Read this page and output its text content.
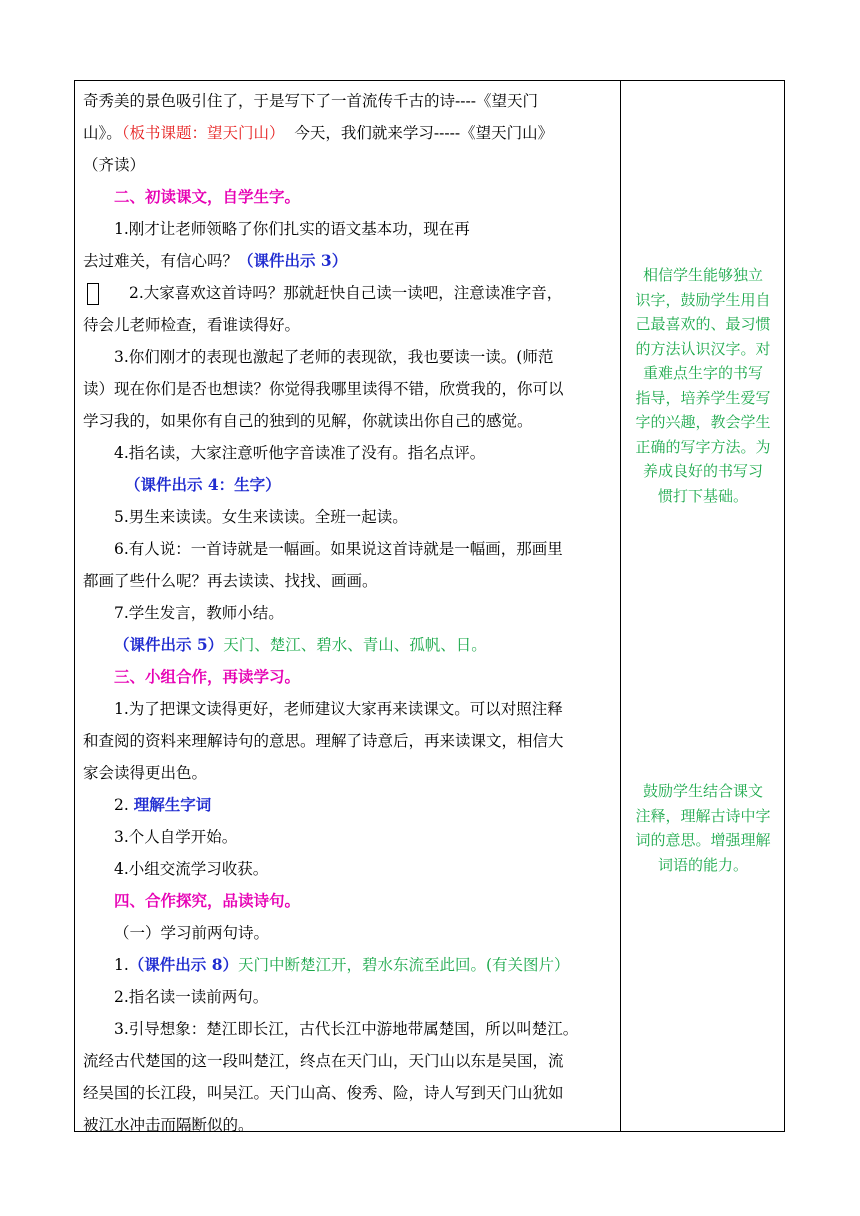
奇秀美的景色吸引住了，于是写下了一首流传千古的诗----《望天门

山》。（板书课题：望天门山）  今天，我们就来学习-----《望天门山》

（齐读）

二、初读课文，自学生字。

1.刚才让老师领略了你们扎实的语文基本功，现在再

去过难关，有信心吗？（课件出示 3）

2.大家喜欢这首诗吗？那就赶快自己读一读吧，注意读准字音，

待会儿老师检查，看谁读得好。

3.你们刚才的表现也激起了老师的表现欲，我也要读一读。(师范

读）现在你们是否也想读？你觉得我哪里读得不错，欣赏我的，你可以

学习我的，如果你有自己的独到的见解，你就读出你自己的感觉。

4.指名读，大家注意听他字音读准了没有。指名点评。

（课件出示 4：生字）

5.男生来读读。女生来读读。全班一起读。

6.有人说：一首诗就是一幅画。如果说这首诗就是一幅画，那画里

都画了些什么呢？再去读读、找找、画画。

7.学生发言，教师小结。

（课件出示 5）天门、楚江、碧水、青山、孤帆、日。

三、小组合作，再读学习。

1.为了把课文读得更好，老师建议大家再来读课文。可以对照注释

和查阅的资料来理解诗句的意思。理解了诗意后，再来读课文，相信大

家会读得更出色。

2. 理解生字词

3.个人自学开始。

4.小组交流学习收获。

四、合作探究，品读诗句。

（一）学习前两句诗。

1.（课件出示 8）天门中断楚江开，碧水东流至此回。(有关图片）

2.指名读一读前两句。

3.引导想象：楚江即长江，古代长江中游地带属楚国，所以叫楚江。

流经古代楚国的这一段叫楚江，终点在天门山，天门山以东是吴国，流

经吴国的长江段，叫吴江。天门山高、俊秀、险，诗人写到天门山犹如

被江水冲击而隔断似的。

相信学生能够独立
识字，鼓励学生用自
己最喜欢的、最习惯
的方法认识汉字。对
重难点生字的书写
指导，培养学生爱写
字的兴趣，教会学生
正确的写字方法。为
养成良好的书写习
惯打下基础。
鼓励学生结合课文
注释，理解古诗中字
词的意思。增强理解
词语的能力。
